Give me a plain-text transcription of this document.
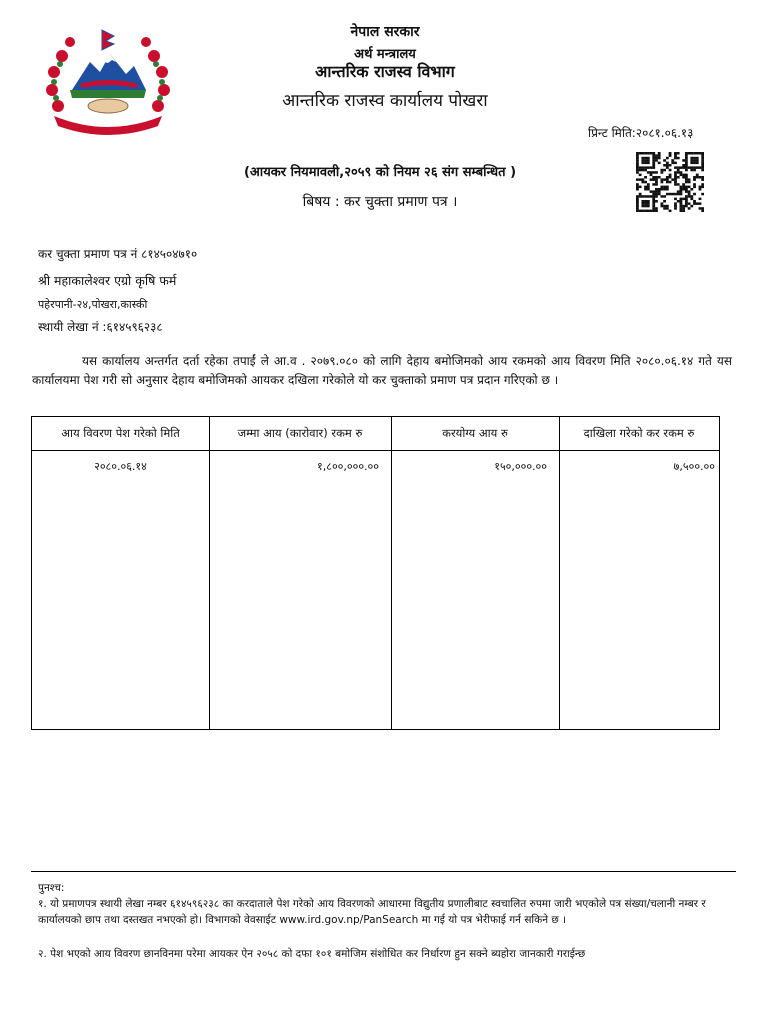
जननी जन्मभूमिश्च स्वर्गादपि गरीयसी
नेपाल सरकार
अर्थ मन्त्रालय
आन्तरिक राजस्व विभाग
आन्तरिक राजस्व कार्यालय पोखरा
प्रिन्ट मिति:२०८१.०६.१३
(आयकर नियमावली,२०५९ को नियम २६ संग सम्बन्धित )
बिषय : कर चुक्ता प्रमाण पत्र ।
कर चुक्ता प्रमाण पत्र नं ८१४५०४७१०
श्री महाकालेश्वर एग्रो कृषि फर्म
पहेरपानी-२४,पोखरा,कास्की
स्थायी लेखा नं :६१४५९६२३८
यस कार्यालय अन्तर्गत दर्ता रहेका तपाईं ले आ.व . २०७९.०८० को लागि देहाय बमोजिमको आय रकमको आय विवरण मिति २०८०.०६.१४ गते यस कार्यालयमा पेश गरी सो अनुसार देहाय बमोजिमको आयकर दखिला गरेकोले यो कर चुक्ताको प्रमाण पत्र प्रदान गरिएको छ ।
आय विवरण पेश गरेको मिति	जम्मा आय (कारोवार) रकम रु	करयोग्य आय रु	दाखिला गरेको कर रकम रु
२०८०.०६.१४	१,८००,०००.००	१५०,०००.००	७,५००.००
पुनश्च:
१. यो प्रमाणपत्र स्थायी लेखा नम्बर ६१४५९६२३८ का करदाताले पेश गरेको आय विवरणको आधारमा विद्युतीय प्रणालीबाट स्वचालित रुपमा जारी भएकोले पत्र संख्या/चलानी नम्बर र कार्यालयको छाप तथा दस्तखत नभएको हो। विभागको वेवसाईट www.ird.gov.np/PanSearch मा गई यो पत्र भेरीफाई गर्न सकिने छ ।
२. पेश भएको आय विवरण छानविनमा परेमा आयकर ऐन २०५८ को दफा १०१ बमोजिम संशोधित कर निर्धारण हुन सक्ने ब्यहोरा जानकारी गराईन्छ
